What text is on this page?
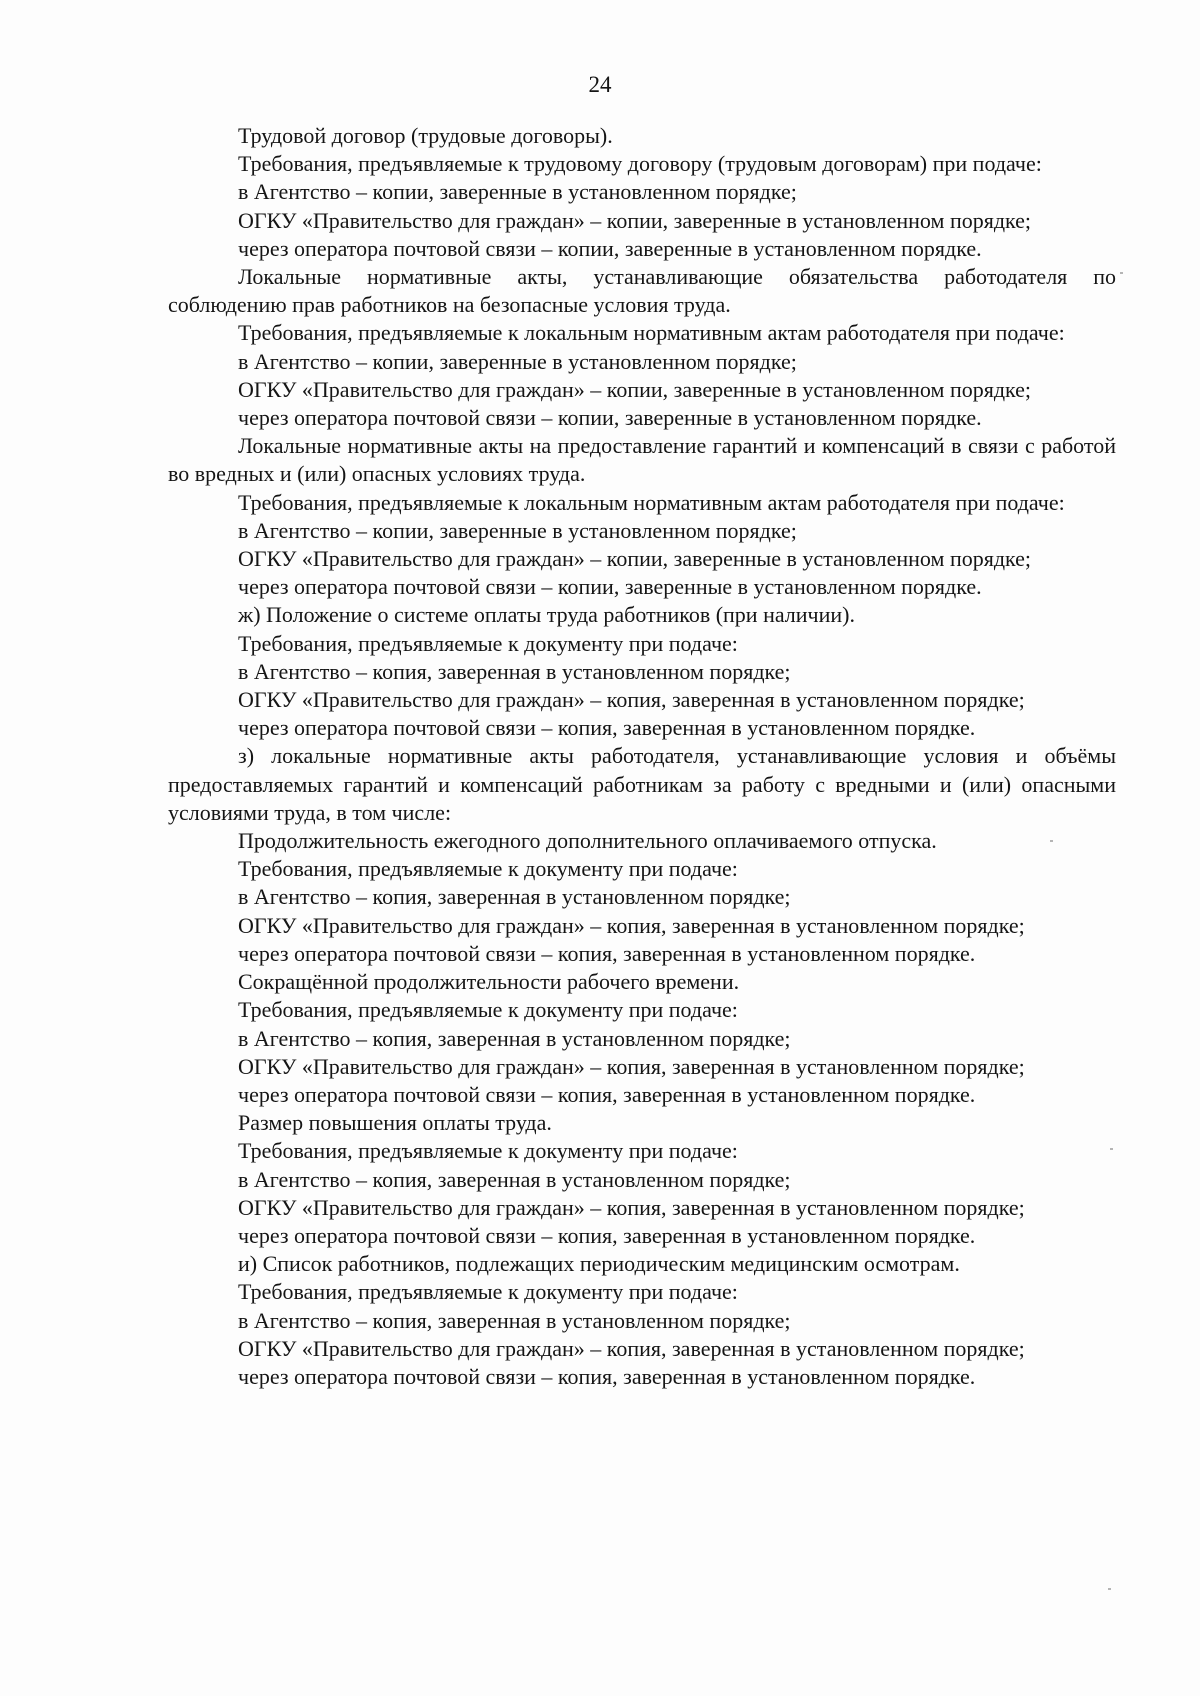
24

Трудовой договор (трудовые договоры).

Требования, предъявляемые к трудовому договору (трудовым договорам) при подаче:

в Агентство – копии, заверенные в установленном порядке;

ОГКУ «Правительство для граждан» – копии, заверенные в установленном порядке;

через оператора почтовой связи – копии, заверенные в установленном порядке.

Локальные нормативные акты, устанавливающие обязательства работодателя по соблюдению прав работников на безопасные условия труда.

Требования, предъявляемые к локальным нормативным актам работодателя при подаче:

в Агентство – копии, заверенные в установленном порядке;

ОГКУ «Правительство для граждан» – копии, заверенные в установленном порядке;

через оператора почтовой связи – копии, заверенные в установленном порядке.

Локальные нормативные акты на предоставление гарантий и компенсаций в связи с работой во вредных и (или) опасных условиях труда.

Требования, предъявляемые к локальным нормативным актам работодателя при подаче:

в Агентство – копии, заверенные в установленном порядке;

ОГКУ «Правительство для граждан» – копии, заверенные в установленном порядке;

через оператора почтовой связи – копии, заверенные в установленном порядке.

ж) Положение о системе оплаты труда работников (при наличии).

Требования, предъявляемые к документу при подаче:

в Агентство – копия, заверенная в установленном порядке;

ОГКУ «Правительство для граждан» – копия, заверенная в установленном порядке;

через оператора почтовой связи – копия, заверенная в установленном порядке.

з) локальные нормативные акты работодателя, устанавливающие условия и объёмы предоставляемых гарантий и компенсаций работникам за работу с вредными и (или) опасными условиями труда, в том числе:

Продолжительность ежегодного дополнительного оплачиваемого отпуска.

Требования, предъявляемые к документу при подаче:

в Агентство – копия, заверенная в установленном порядке;

ОГКУ «Правительство для граждан» – копия, заверенная в установленном порядке;

через оператора почтовой связи – копия, заверенная в установленном порядке.

Сокращённой продолжительности рабочего времени.

Требования, предъявляемые к документу при подаче:

в Агентство – копия, заверенная в установленном порядке;

ОГКУ «Правительство для граждан» – копия, заверенная в установленном порядке;

через оператора почтовой связи – копия, заверенная в установленном порядке.

Размер повышения оплаты труда.

Требования, предъявляемые к документу при подаче:

в Агентство – копия, заверенная в установленном порядке;

ОГКУ «Правительство для граждан» – копия, заверенная в установленном порядке;

через оператора почтовой связи – копия, заверенная в установленном порядке.

и) Список работников, подлежащих периодическим медицинским осмотрам.

Требования, предъявляемые к документу при подаче:

в Агентство – копия, заверенная в установленном порядке;

ОГКУ «Правительство для граждан» – копия, заверенная в установленном порядке;

через оператора почтовой связи – копия, заверенная в установленном порядке.
